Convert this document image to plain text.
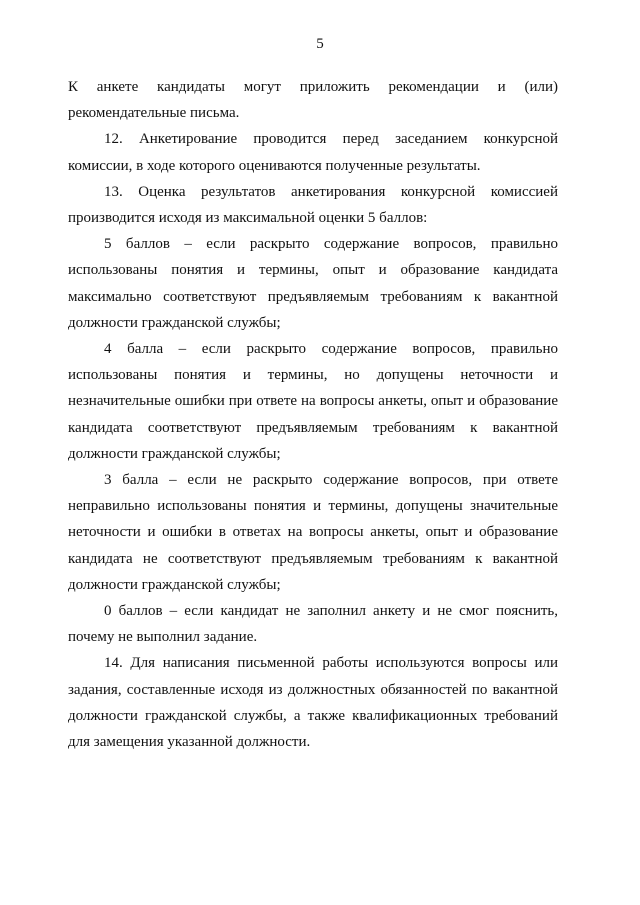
5

К анкете кандидаты могут приложить рекомендации и (или) рекомендательные письма.

12. Анкетирование проводится перед заседанием конкурсной комиссии, в ходе которого оцениваются полученные результаты.

13. Оценка результатов анкетирования конкурсной комиссией производится исходя из максимальной оценки 5 баллов:

5 баллов – если раскрыто содержание вопросов, правильно использованы понятия и термины, опыт и образование кандидата максимально соответствуют предъявляемым требованиям к вакантной должности гражданской службы;

4 балла – если раскрыто содержание вопросов, правильно использованы понятия и термины, но допущены неточности и незначительные ошибки при ответе на вопросы анкеты, опыт и образование кандидата соответствуют предъявляемым требованиям к вакантной должности гражданской службы;

3 балла – если не раскрыто содержание вопросов, при ответе неправильно использованы понятия и термины, допущены значительные неточности и ошибки в ответах на вопросы анкеты, опыт и образование кандидата не соответствуют предъявляемым требованиям к вакантной должности гражданской службы;

0 баллов – если кандидат не заполнил анкету и не смог пояснить, почему не выполнил задание.

14. Для написания письменной работы используются вопросы или задания, составленные исходя из должностных обязанностей по вакантной должности гражданской службы, а также квалификационных требований для замещения указанной должности.
